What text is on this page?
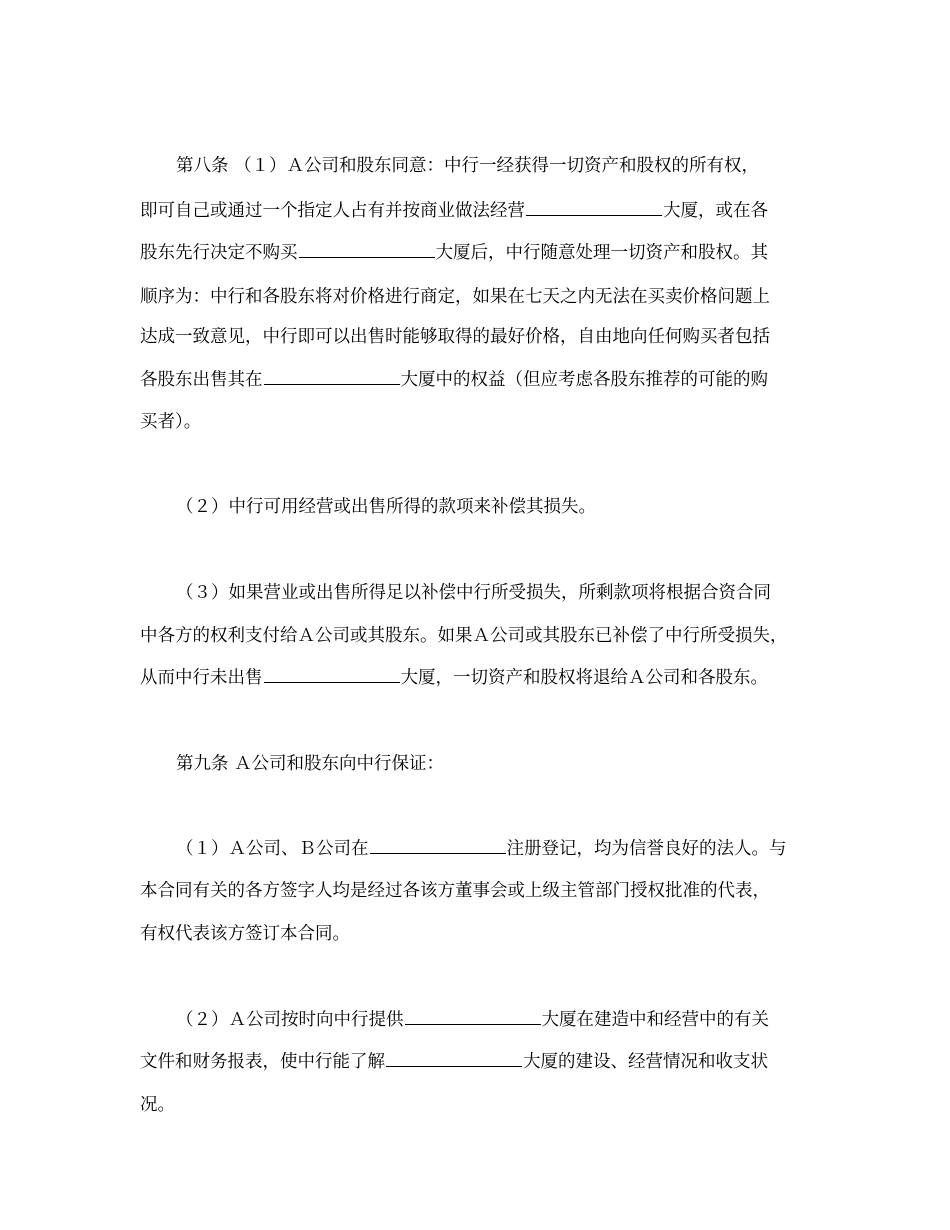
第八条 （１）Ａ公司和股东同意：中行一经获得一切资产和股权的所有权，
即可自己或通过一个指定人占有并按商业做法经营	大厦，或在各
股东先行决定不购买	大厦后，中行随意处理一切资产和股权。其
顺序为：中行和各股东将对价格进行商定，如果在七天之内无法在买卖价格问题上
达成一致意见，中行即可以出售时能够取得的最好价格，自由地向任何购买者包括
各股东出售其在	大厦中的权益（但应考虑各股东推荐的可能的购
买者）。
（２）中行可用经营或出售所得的款项来补偿其损失。
（３）如果营业或出售所得足以补偿中行所受损失，所剩款项将根据合资合同
中各方的权利支付给Ａ公司或其股东。如果Ａ公司或其股东已补偿了中行所受损失，
从而中行未出售	大厦，一切资产和股权将退给Ａ公司和各股东。
第九条 Ａ公司和股东向中行保证：
（１）Ａ公司、Ｂ公司在	注册登记，均为信誉良好的法人。与
本合同有关的各方签字人均是经过各该方董事会或上级主管部门授权批准的代表，
有权代表该方签订本合同。
（２）Ａ公司按时向中行提供	大厦在建造中和经营中的有关
文件和财务报表，使中行能了解	大厦的建设、经营情况和收支状
况。
